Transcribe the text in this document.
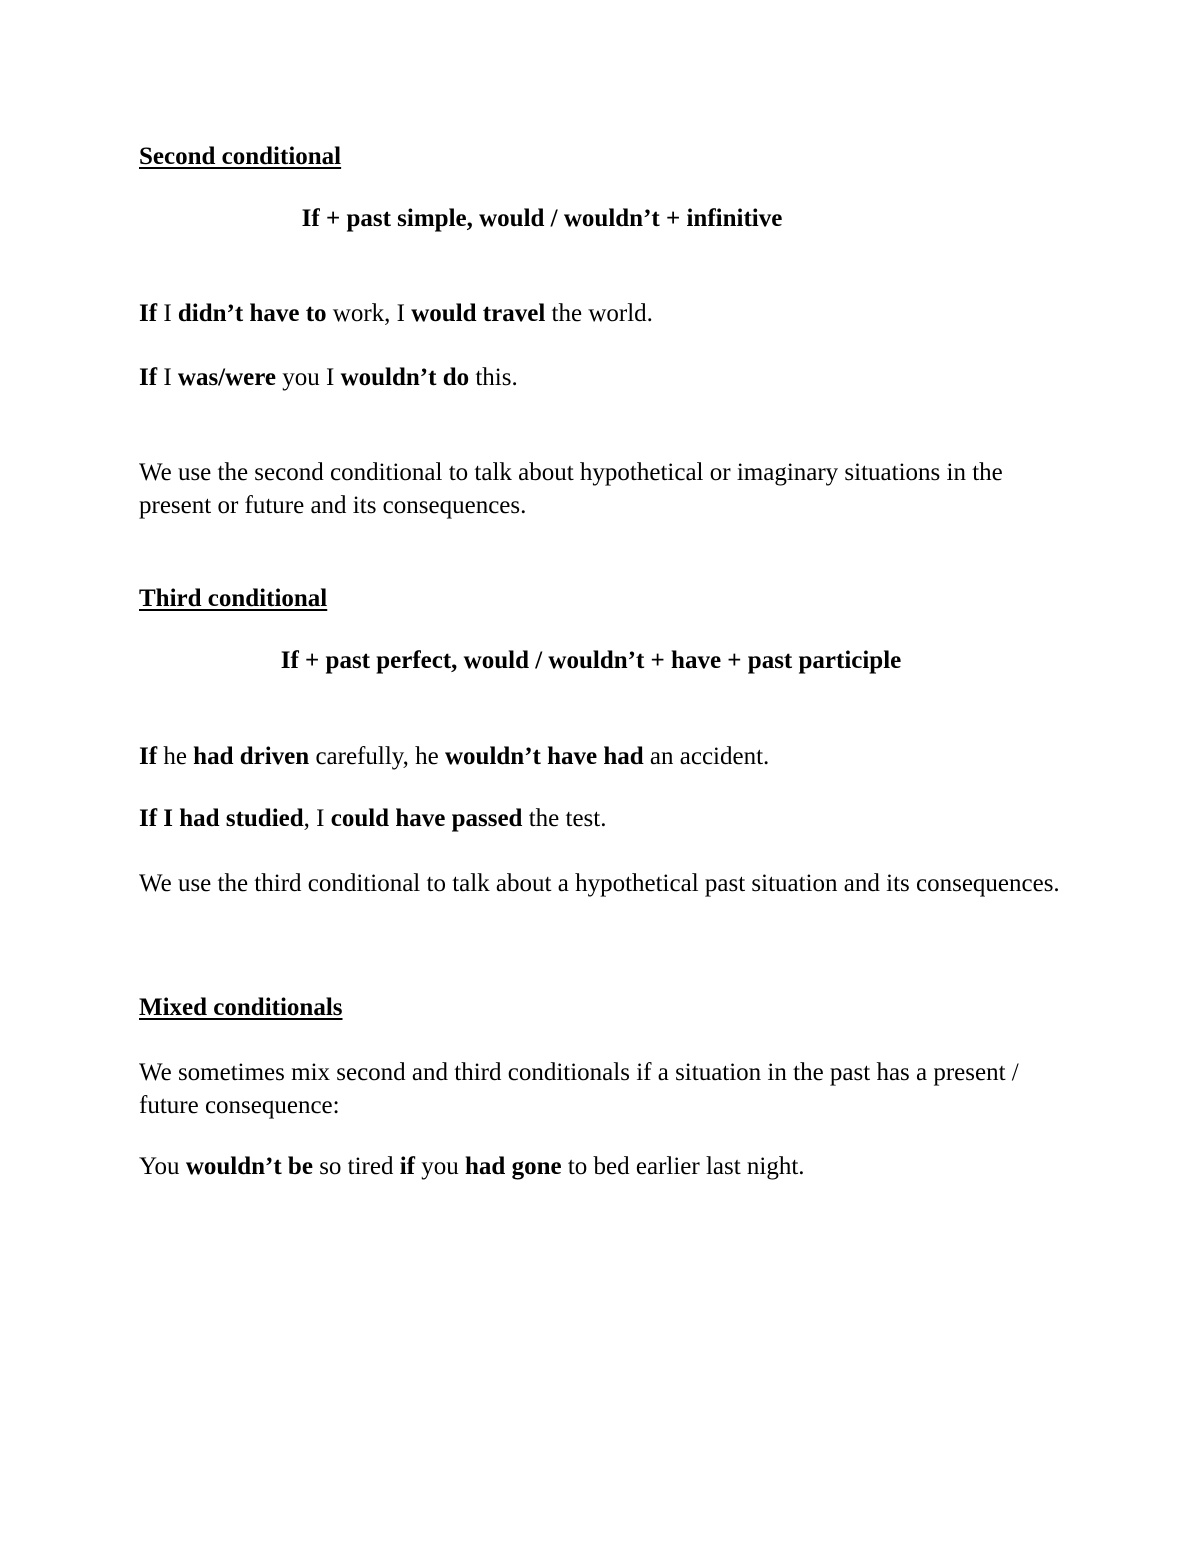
Second conditional
If + past simple, would / wouldn’t + infinitive
If I didn’t have to work, I would travel the world.
If I was/were you I wouldn’t do this.
We use the second conditional to talk about hypothetical or imaginary situations in the present or future and its consequences.
Third conditional
If + past perfect, would / wouldn’t + have + past participle
If he had driven carefully, he wouldn’t have had an accident.
If I had studied, I could have passed the test.
We use the third conditional to talk about a hypothetical past situation and its consequences.
Mixed conditionals
We sometimes mix second and third conditionals if a situation in the past has a present / future consequence:
You wouldn’t be so tired if you had gone to bed earlier last night.
